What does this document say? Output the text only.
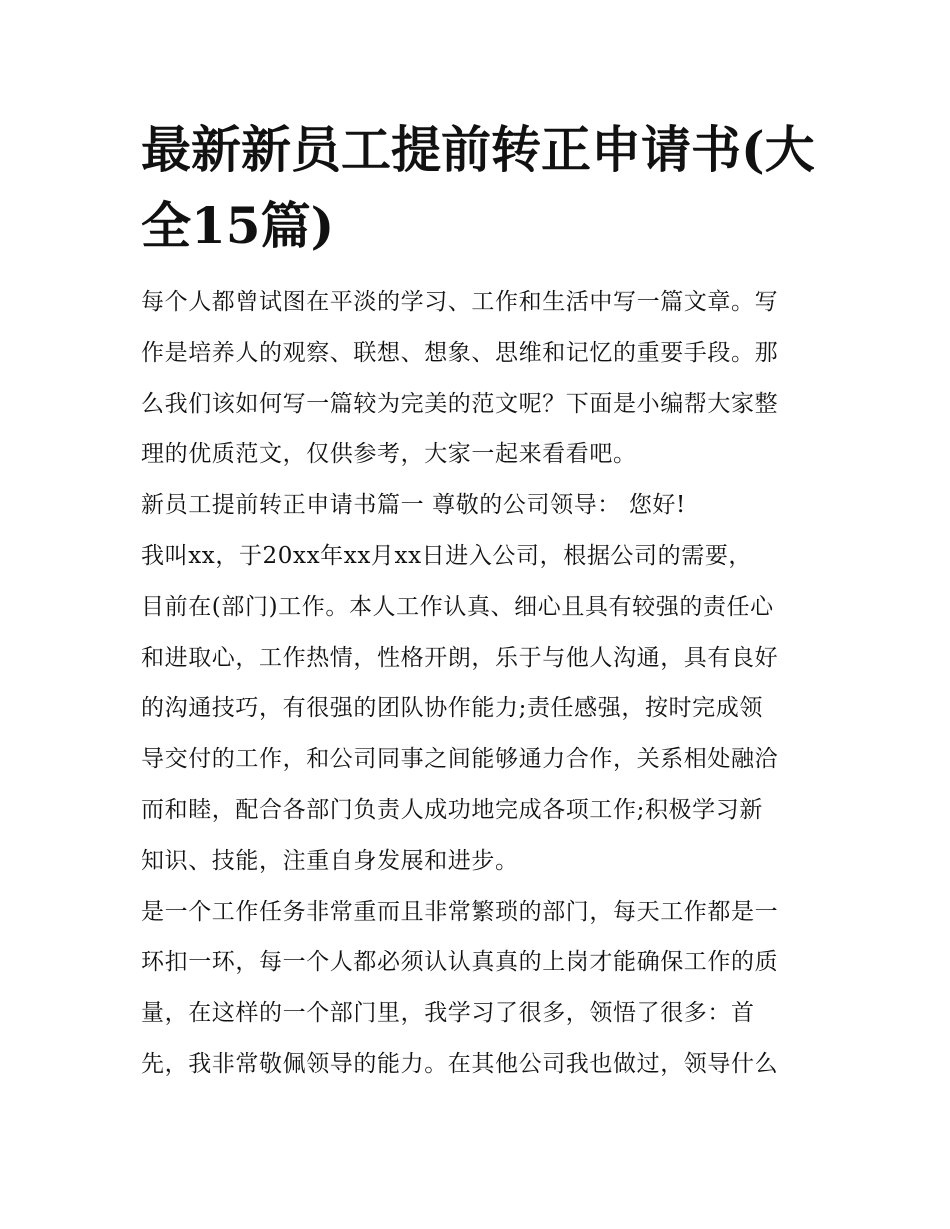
最新新员工提前转正申请书(大
全15篇)
每个人都曾试图在平淡的学习、工作和生活中写一篇文章。写
作是培养人的观察、联想、想象、思维和记忆的重要手段。那
么我们该如何写一篇较为完美的范文呢？下面是小编帮大家整
理的优质范文，仅供参考，大家一起来看看吧。
新员工提前转正申请书篇一 尊敬的公司领导： 您好!
我叫xx，于20xx年xx月xx日进入公司，根据公司的需要，
目前在(部门)工作。本人工作认真、细心且具有较强的责任心
和进取心，工作热情，性格开朗，乐于与他人沟通，具有良好
的沟通技巧，有很强的团队协作能力;责任感强，按时完成领
导交付的工作，和公司同事之间能够通力合作，关系相处融洽
而和睦，配合各部门负责人成功地完成各项工作;积极学习新
知识、技能，注重自身发展和进步。
是一个工作任务非常重而且非常繁琐的部门，每天工作都是一
环扣一环，每一个人都必须认认真真的上岗才能确保工作的质
量，在这样的一个部门里，我学习了很多，领悟了很多：首
先，我非常敬佩领导的能力。在其他公司我也做过，领导什么
